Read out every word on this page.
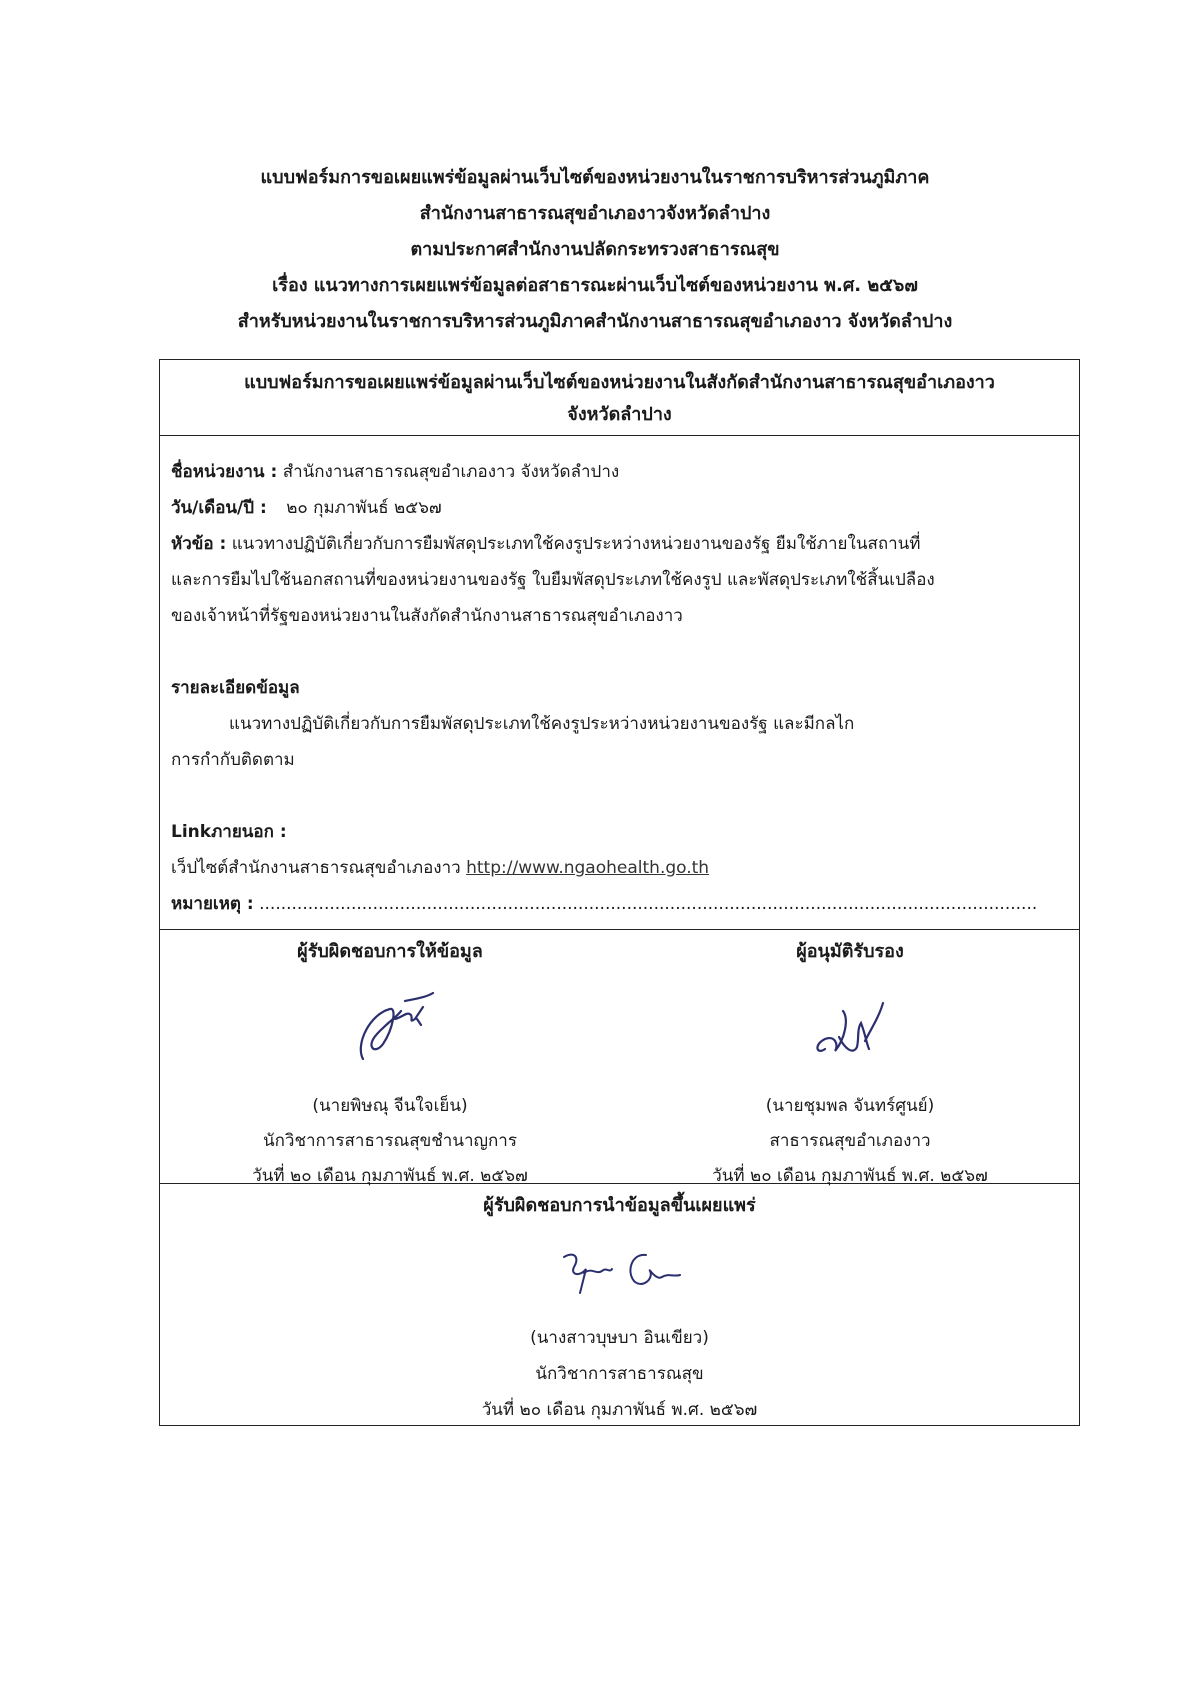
แบบฟอร์มการขอเผยแพร่ข้อมูลผ่านเว็บไซต์ของหน่วยงานในราชการบริหารส่วนภูมิภาค
สำนักงานสาธารณสุขอำเภองาวจังหวัดลำปาง
ตามประกาศสำนักงานปลัดกระทรวงสาธารณสุข
เรื่อง แนวทางการเผยแพร่ข้อมูลต่อสาธารณะผ่านเว็บไซต์ของหน่วยงาน พ.ศ. ๒๕๖๗
สำหรับหน่วยงานในราชการบริหารส่วนภูมิภาคสำนักงานสาธารณสุขอำเภองาว จังหวัดลำปาง
แบบฟอร์มการขอเผยแพร่ข้อมูลผ่านเว็บไซต์ของหน่วยงานในสังกัดสำนักงานสาธารณสุขอำเภองาว
จังหวัดลำปาง
ชื่อหน่วยงาน : สำนักงานสาธารณสุขอำเภองาว จังหวัดลำปาง
วัน/เดือน/ปี : ๒๐ กุมภาพันธ์ ๒๕๖๗
หัวข้อ : แนวทางปฏิบัติเกี่ยวกับการยืมพัสดุประเภทใช้คงรูประหว่างหน่วยงานของรัฐ ยืมใช้ภายในสถานที่
และการยืมไปใช้นอกสถานที่ของหน่วยงานของรัฐ ใบยืมพัสดุประเภทใช้คงรูป และพัสดุประเภทใช้สิ้นเปลือง
ของเจ้าหน้าที่รัฐของหน่วยงานในสังกัดสำนักงานสาธารณสุขอำเภองาว
รายละเอียดข้อมูล
แนวทางปฏิบัติเกี่ยวกับการยืมพัสดุประเภทใช้คงรูประหว่างหน่วยงานของรัฐ และมีกลไก
การกำกับติดตาม
Linkภายนอก :
เว็ปไซต์สำนักงานสาธารณสุขอำเภองาว http://www.ngaohealth.go.th
หมายเหตุ : ................................................................................................................................................
ผู้รับผิดชอบการให้ข้อมูล
(นายพิษณุ จีนใจเย็น)
นักวิชาการสาธารณสุขชำนาญการ
วันที่ ๒๐ เดือน กุมภาพันธ์ พ.ศ. ๒๕๖๗
ผู้อนุมัติรับรอง
(นายชุมพล จันทร์ศูนย์)
สาธารณสุขอำเภองาว
วันที่ ๒๐ เดือน กุมภาพันธ์ พ.ศ. ๒๕๖๗
ผู้รับผิดชอบการนำข้อมูลขึ้นเผยแพร่
(นางสาวบุษบา อินเขียว)
นักวิชาการสาธารณสุข
วันที่ ๒๐ เดือน กุมภาพันธ์ พ.ศ. ๒๕๖๗
